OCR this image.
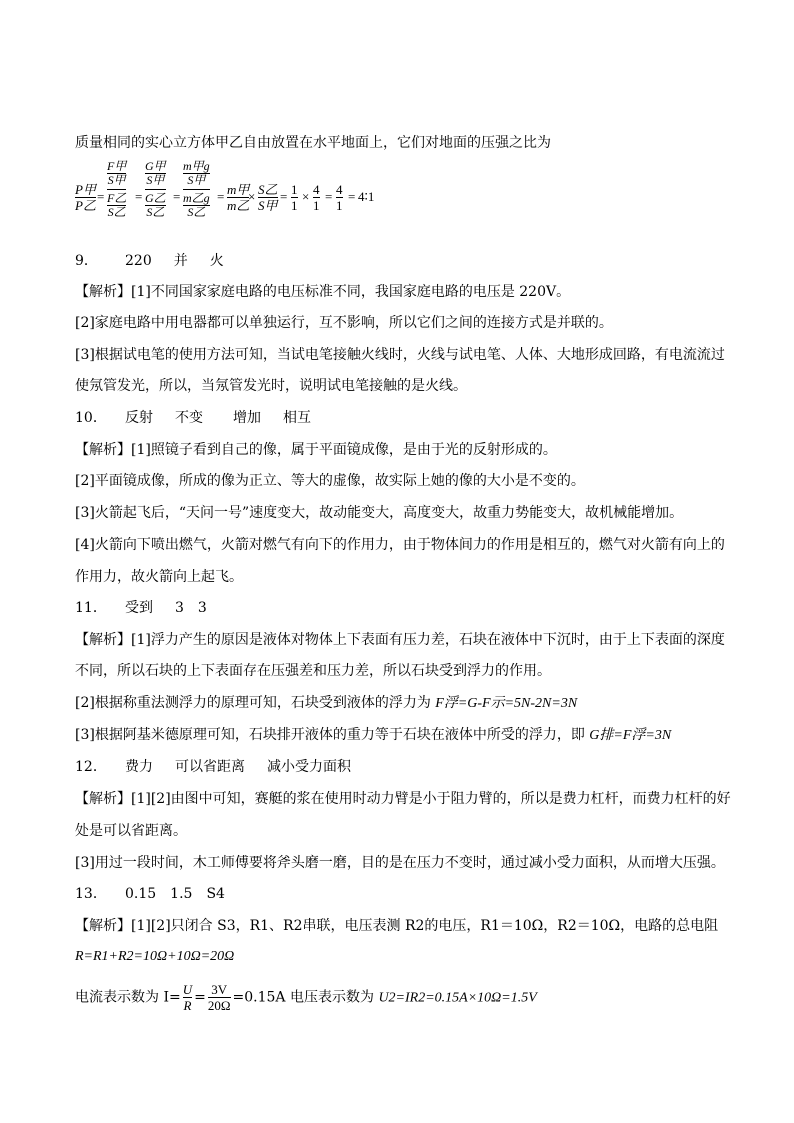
质量相同的实心立方体甲乙自由放置在水平地面上，它们对地面的压强之比为
P甲
P乙
=
F甲
S甲
F乙
S乙
=
G甲
S甲
G乙
S乙
=
m甲g
S甲
m乙g
S乙
= m甲
m乙
× S乙
S甲
= 1
1
× 4
1
= 4
1
= 4∶1
9． 220 并 火
【解析】[1]不同国家家庭电路的电压标准不同，我国家庭电路的电压是 220V。
[2]家庭电路中用电器都可以单独运行，互不影响，所以它们之间的连接方式是并联的。
[3]根据试电笔的使用方法可知，当试电笔接触火线时，火线与试电笔、人体、大地形成回路，有电流流过
使氖管发光，所以，当氖管发光时，说明试电笔接触的是火线。
10． 反射 不变 增加 相互
【解析】[1]照镜子看到自己的像，属于平面镜成像，是由于光的反射形成的。
[2]平面镜成像，所成的像为正立、等大的虚像，故实际上她的像的大小是不变的。
[3]火箭起飞后，“天问一号”速度变大，故动能变大，高度变大，故重力势能变大，故机械能增加。
[4]火箭向下喷出燃气，火箭对燃气有向下的作用力，由于物体间力的作用是相互的，燃气对火箭有向上的
作用力，故火箭向上起飞。
11． 受到 3 3
【解析】[1]浮力产生的原因是液体对物体上下表面有压力差，石块在液体中下沉时，由于上下表面的深度
不同，所以石块的上下表面存在压强差和压力差，所以石块受到浮力的作用。
[2]根据称重法测浮力的原理可知，石块受到液体的浮力为 F浮=G-F示=5N-2N=3N
[3]根据阿基米德原理可知，石块排开液体的重力等于石块在液体中所受的浮力，即 G排=F浮=3N
12． 费力 可以省距离 减小受力面积
【解析】[1][2]由图中可知，赛艇的浆在使用时动力臂是小于阻力臂的，所以是费力杠杆，而费力杠杆的好
处是可以省距离。
[3]用过一段时间，木工师傅要将斧头磨一磨，目的是在压力不变时，通过减小受力面积，从而增大压强。
13． 0.15 1.5 S4
【解析】[1][2]只闭合 S3，R1、R2串联，电压表测 R2的电压，R1＝10Ω，R2＝10Ω，电路的总电阻
R=R1+R2=10Ω+10Ω=20Ω
电流表示数为 $I= \frac{U}{R} = \frac{3V}{20\Omega} =0.15A$ 电压表示数为 U2=IR2=0.15A×10Ω=1.5V
